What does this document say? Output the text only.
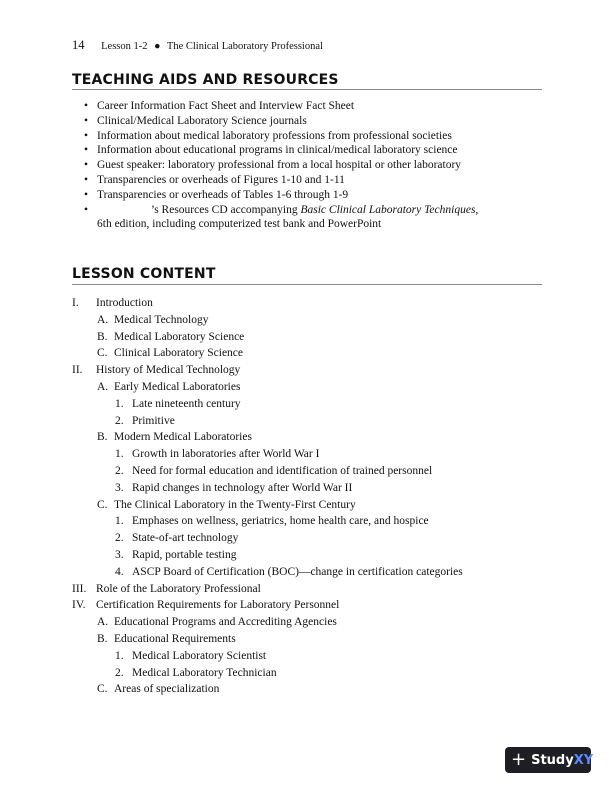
14 Lesson 1-2 ● The Clinical Laboratory Professional
TEACHING AIDS AND RESOURCES
• Career Information Fact Sheet and Interview Fact Sheet
• Clinical/Medical Laboratory Science journals
• Information about medical laboratory professions from professional societies
• Information about educational programs in clinical/medical laboratory science
• Guest speaker: laboratory professional from a local hospital or other laboratory
• Transparencies or overheads of Figures 1-10 and 1-11
• Transparencies or overheads of Tables 1-6 through 1-9
• ’s Resources CD accompanying Basic Clinical Laboratory Techniques,
6th edition, including computerized test bank and PowerPoint
LESSON CONTENT
I. Introduction
A. Medical Technology
B. Medical Laboratory Science
C. Clinical Laboratory Science
II. History of Medical Technology
A. Early Medical Laboratories
1. Late nineteenth century
2. Primitive
B. Modern Medical Laboratories
1. Growth in laboratories after World War I
2. Need for formal education and identification of trained personnel
3. Rapid changes in technology after World War II
C. The Clinical Laboratory in the Twenty-First Century
1. Emphases on wellness, geriatrics, home health care, and hospice
2. State-of-art technology
3. Rapid, portable testing
4. ASCP Board of Certification (BOC)—change in certification categories
III. Role of the Laboratory Professional
IV. Certification Requirements for Laboratory Personnel
A. Educational Programs and Accrediting Agencies
B. Educational Requirements
1. Medical Laboratory Scientist
2. Medical Laboratory Technician
C. Areas of specialization
+ Study XY
